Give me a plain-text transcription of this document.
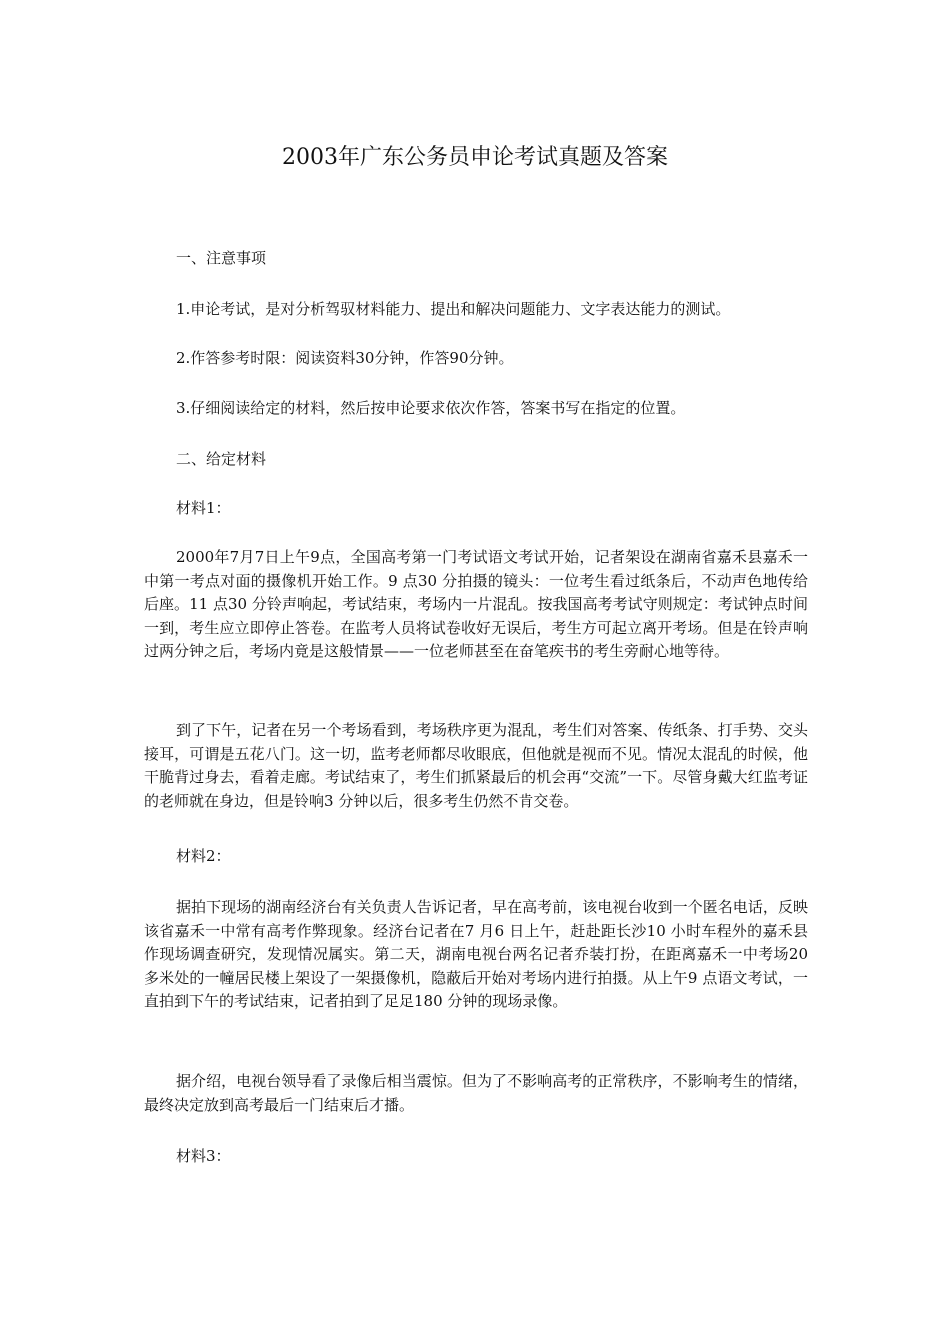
2003年广东公务员申论考试真题及答案

一、注意事项

1.申论考试，是对分析驾驭材料能力、提出和解决问题能力、文字表达能力的测试。

2.作答参考时限：阅读资料30分钟，作答90分钟。

3.仔细阅读给定的材料，然后按申论要求依次作答，答案书写在指定的位置。

二、给定材料

材料1：

2000年7月7日上午9点，全国高考第一门考试语文考试开始，记者架设在湖南省嘉禾县嘉禾一中第一考点对面的摄像机开始工作。9 点30 分拍摄的镜头：一位考生看过纸条后，不动声色地传给后座。11 点30 分铃声响起，考试结束，考场内一片混乱。按我国高考考试守则规定：考试钟点时间一到，考生应立即停止答卷。在监考人员将试卷收好无误后，考生方可起立离开考场。但是在铃声响过两分钟之后，考场内竟是这般情景——一位老师甚至在奋笔疾书的考生旁耐心地等待。

到了下午，记者在另一个考场看到，考场秩序更为混乱，考生们对答案、传纸条、打手势、交头接耳，可谓是五花八门。这一切，监考老师都尽收眼底，但他就是视而不见。情况太混乱的时候，他干脆背过身去，看着走廊。考试结束了，考生们抓紧最后的机会再“交流”一下。尽管身戴大红监考证的老师就在身边，但是铃响3 分钟以后，很多考生仍然不肯交卷。

材料2：

据拍下现场的湖南经济台有关负责人告诉记者，早在高考前，该电视台收到一个匿名电话，反映该省嘉禾一中常有高考作弊现象。经济台记者在7 月6 日上午，赶赴距长沙10 小时车程外的嘉禾县作现场调查研究，发现情况属实。第二天，湖南电视台两名记者乔装打扮，在距离嘉禾一中考场20 多米处的一幢居民楼上架设了一架摄像机，隐蔽后开始对考场内进行拍摄。从上午9 点语文考试，一直拍到下午的考试结束，记者拍到了足足180 分钟的现场录像。

据介绍，电视台领导看了录像后相当震惊。但为了不影响高考的正常秩序，不影响考生的情绪，最终决定放到高考最后一门结束后才播。

材料3：
